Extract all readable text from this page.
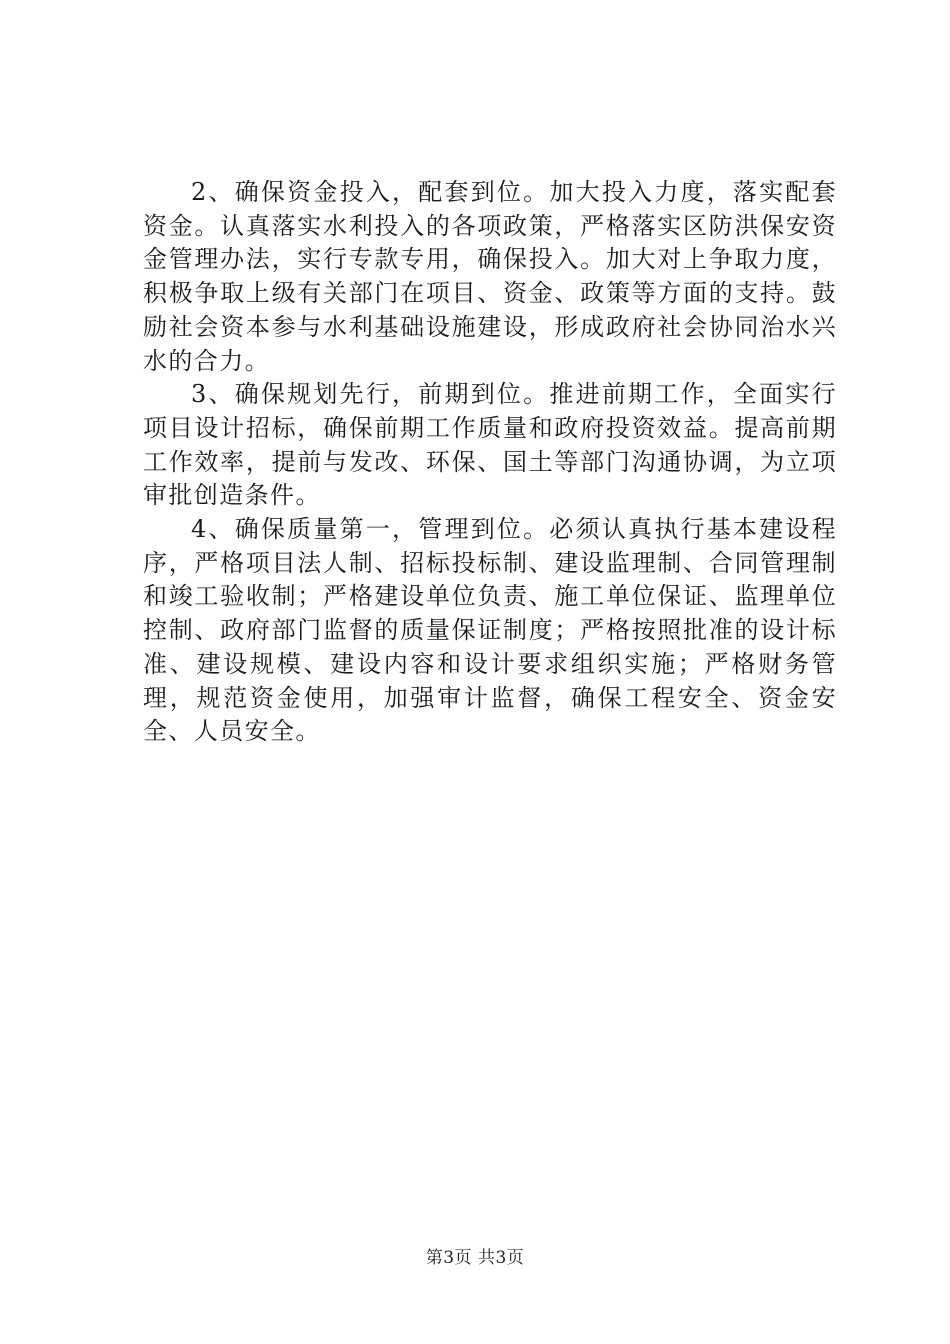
2、确保资金投入，配套到位。加大投入力度，落实配套资金。认真落实水利投入的各项政策，严格落实区防洪保安资金管理办法，实行专款专用，确保投入。加大对上争取力度，积极争取上级有关部门在项目、资金、政策等方面的支持。鼓励社会资本参与水利基础设施建设，形成政府社会协同治水兴水的合力。

3、确保规划先行，前期到位。推进前期工作，全面实行项目设计招标，确保前期工作质量和政府投资效益。提高前期工作效率，提前与发改、环保、国土等部门沟通协调，为立项审批创造条件。

4、确保质量第一，管理到位。必须认真执行基本建设程序，严格项目法人制、招标投标制、建设监理制、合同管理制和竣工验收制；严格建设单位负责、施工单位保证、监理单位控制、政府部门监督的质量保证制度；严格按照批准的设计标准、建设规模、建设内容和设计要求组织实施；严格财务管理，规范资金使用，加强审计监督，确保工程安全、资金安全、人员安全。

第3页 共3页
